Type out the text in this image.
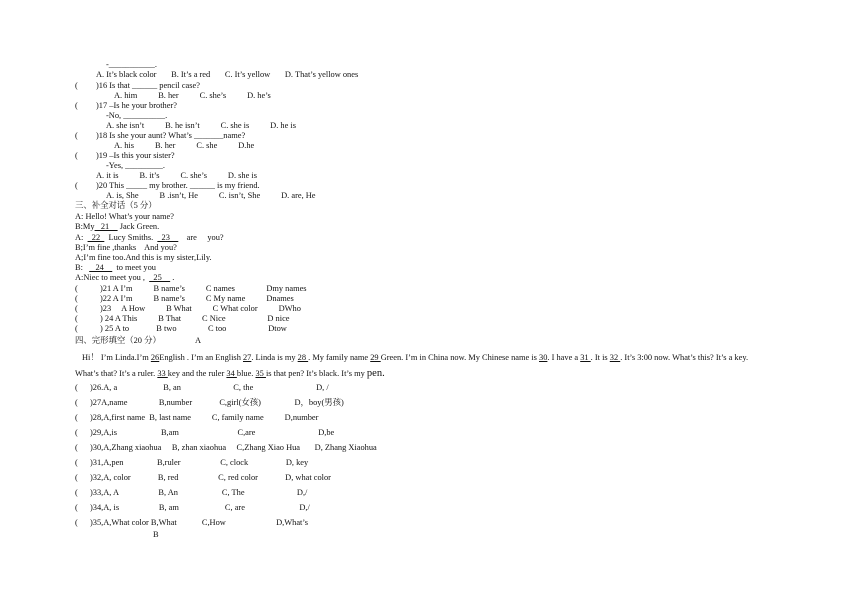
-___________.
A. It’s black color       B. It’s a red       C. It’s yellow       D. That’s yellow ones
( )16 Is that ______ pencil case?
A. him          B. her          C. she’s          D. he’s
( )17 –Is he your brother?
-No, __________.
A. she isn’t          B. he isn’t          C. she is          D. he is
( )18 Is she your aunt? What’s _______name?
A. his          B. her          C. she          D.he
( )19 –Is this your sister?
-Yes, _________.
A. it is          B. it’s          C. she’s          D. she is
( )20 This _____ my brother. ______ is my friend.
A. is, She          B .isn’t, He          C. isn’t, She          D. are, He
三、补全对话（5 分）
A: Hello! What’s your name?
B:My   21     Jack Green.
A:    22    Lucy Smiths.    23        are     you?
B;I’m fine ,thanks    And you?
A;I’m fine too.And this is my sister,Lily.
B:      24      to meet you
A:Niec to meet you ,    25     .
(	)21 A I’m          B name’s          C names               Dmy names
(	)22 A I’m          B name’s          C My name          Dnames
(	)23     A How          B What          C What color          DWho
(	) 24 A This          B That          C Nice                    D nice
(	) 25 A to             B two               C too                    Dtow
四、完形填空（20 分）	A
Hi！ I’m Linda.I’m 26English . I’m an English 27. Linda is my 28 . My family name 29 Green. I’m in China now. My Chinese name is 30. I have a 31 . It is 32 . It’s 3:00 now. What’s this? It’s a key.
What’s that? It’s a ruler. 33 key and the ruler 34 blue. 35 is that pen? It’s black. It’s my pen.
( )26.A, a                      B, an                         C, the                              D, /
( )27A,name               B,number             C,girl(女孩)                D，boy(男孩)
( )28,A,first name  B, last name          C, family name          D,number
( )29,A,is                     B,am                            C,are                              D,be
( )30,A,Zhang xiaohua     B, zhan xiaohua     C,Zhang Xiao Hua       D, Zhang Xiaohua
( )31,A,pen                B,ruler                   C, clock                  D, key
( )32,A, color             B, red                   C, red color             D, what color
( )33,A, A                   B, An                     C, The                         D,/
( )34,A, is                   B, am                      C, are                          D,/
( )35,A,What color B,What            C,How                        D,What’s
B
